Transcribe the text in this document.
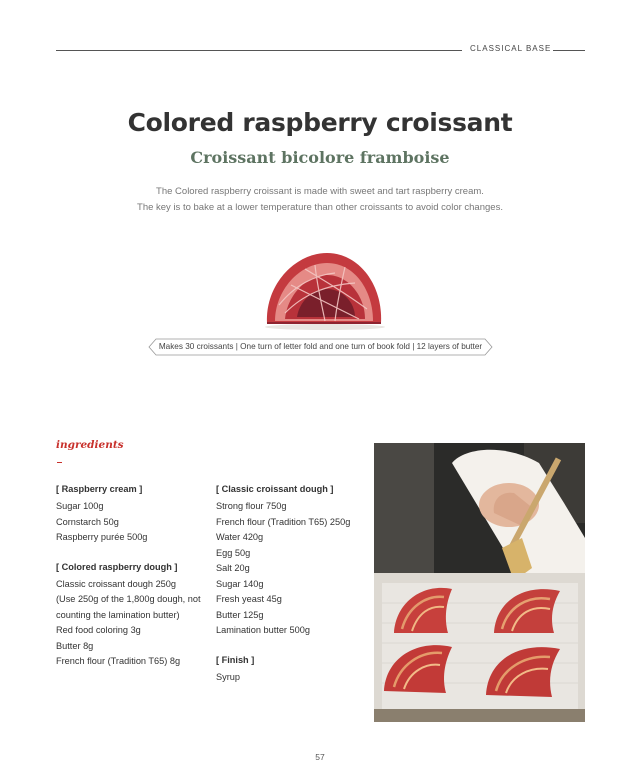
CLASSICAL BASE
Colored raspberry croissant
Croissant bicolore framboise
The Colored raspberry croissant is made with sweet and tart raspberry cream.
The key is to bake at a lower temperature than other croissants to avoid color changes.
Makes 30 croissants | One turn of letter fold and one turn of book fold | 12 layers of butter
ingredients
[ Raspberry cream ]
Sugar 100g
Cornstarch 50g
Raspberry purée 500g
[ Colored raspberry dough ]
Classic croissant dough 250g
(Use 250g of the 1,800g dough, not
counting the lamination butter)
Red food coloring 3g
Butter 8g
French flour (Tradition T65) 8g
[ Classic croissant dough ]
Strong flour 750g
French flour (Tradition T65) 250g
Water 420g
Egg 50g
Salt 20g
Sugar 140g
Fresh yeast 45g
Butter 125g
Lamination butter 500g
[ Finish ]
Syrup
57
